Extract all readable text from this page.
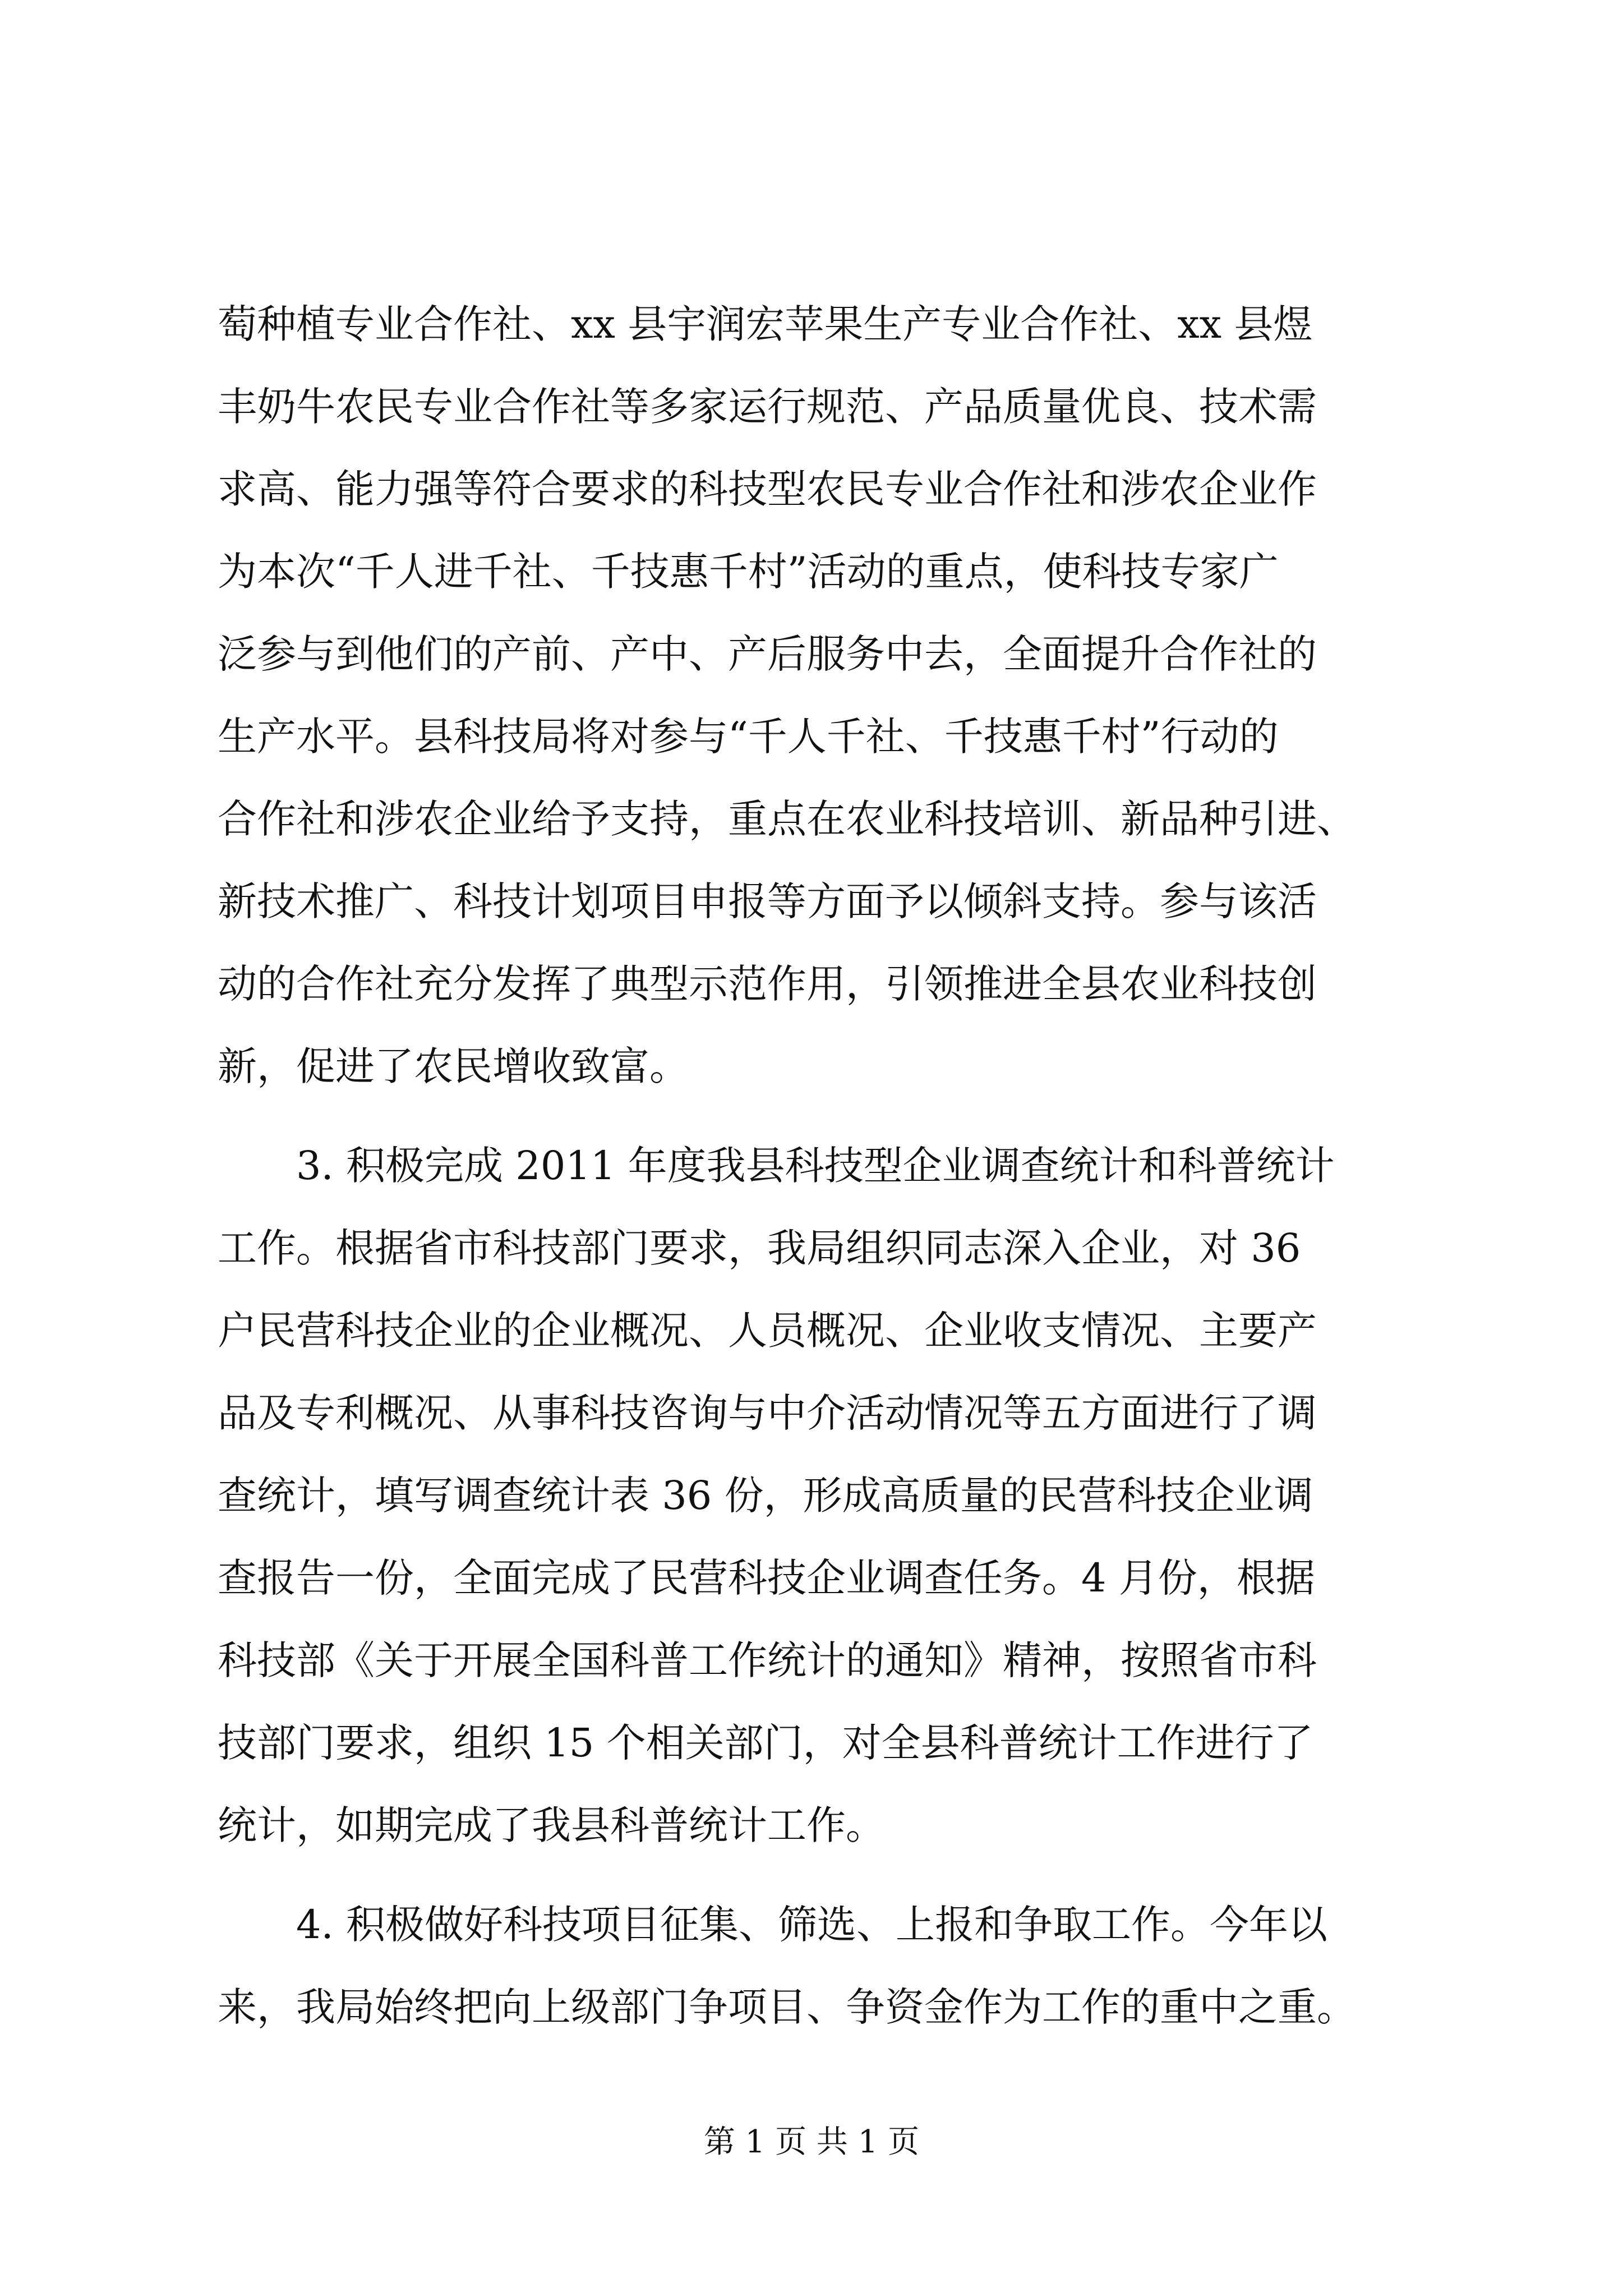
萄种植专业合作社、xx 县宇润宏苹果生产专业合作社、xx 县煜
丰奶牛农民专业合作社等多家运行规范、产品质量优良、技术需
求高、能力强等符合要求的科技型农民专业合作社和涉农企业作
为本次“千人进千社、千技惠千村”活动的重点，使科技专家广
泛参与到他们的产前、产中、产后服务中去，全面提升合作社的
生产水平。县科技局将对参与“千人千社、千技惠千村”行动的
合作社和涉农企业给予支持，重点在农业科技培训、新品种引进、
新技术推广、科技计划项目申报等方面予以倾斜支持。参与该活
动的合作社充分发挥了典型示范作用，引领推进全县农业科技创
新，促进了农民增收致富。
3. 积极完成 2011 年度我县科技型企业调查统计和科普统计
工作。根据省市科技部门要求，我局组织同志深入企业，对 36
户民营科技企业的企业概况、人员概况、企业收支情况、主要产
品及专利概况、从事科技咨询与中介活动情况等五方面进行了调
查统计，填写调查统计表 36 份，形成高质量的民营科技企业调
查报告一份，全面完成了民营科技企业调查任务。4 月份，根据
科技部《关于开展全国科普工作统计的通知》精神，按照省市科
技部门要求，组织 15 个相关部门，对全县科普统计工作进行了
统计，如期完成了我县科普统计工作。
4. 积极做好科技项目征集、筛选、上报和争取工作。今年以
来，我局始终把向上级部门争项目、争资金作为工作的重中之重。
第 1 页 共 1 页
